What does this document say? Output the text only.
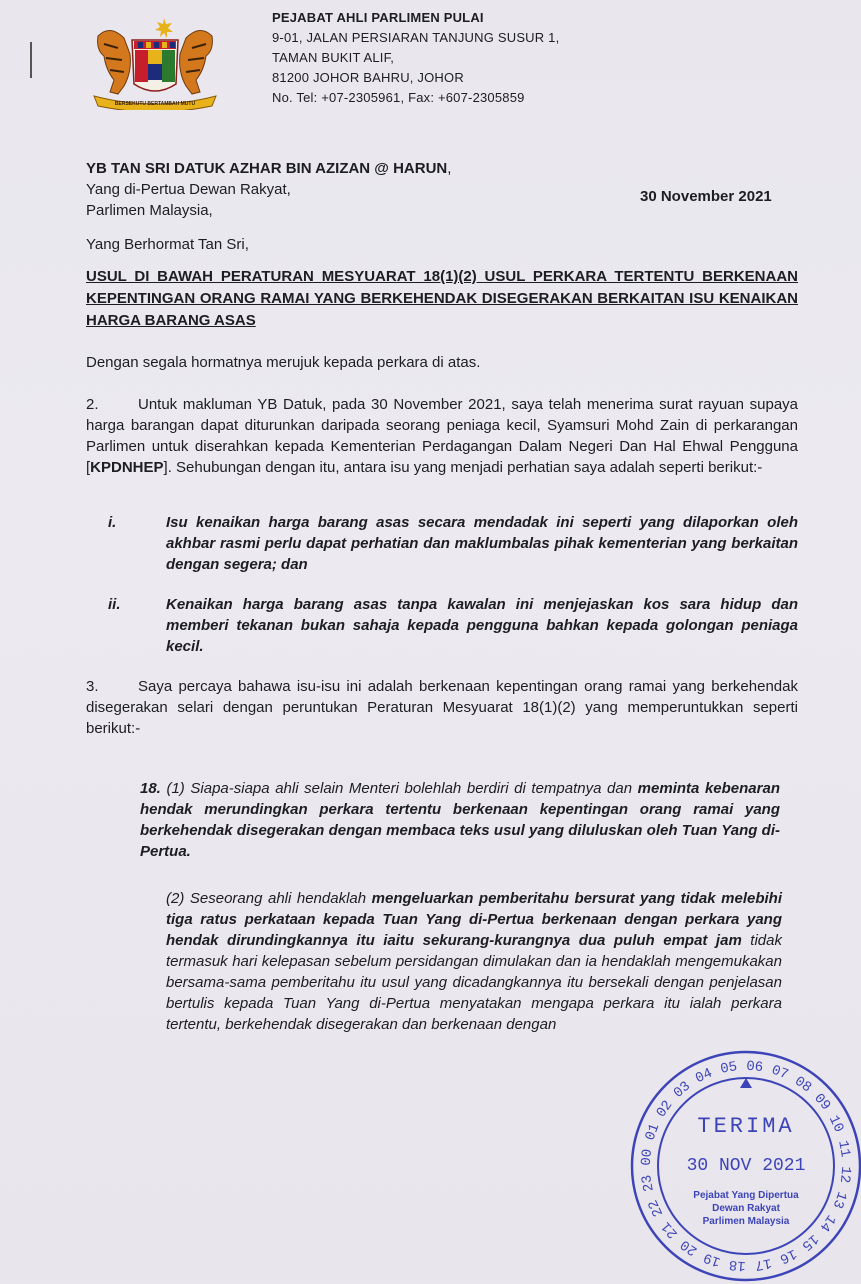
BERSEKUTU BERTAMBAH MUTU
PEJABAT AHLI PARLIMEN PULAI
9-01, JALAN PERSIARAN TANJUNG SUSUR 1,
TAMAN BUKIT ALIF,
81200 JOHOR BAHRU, JOHOR
No. Tel: +07-2305961, Fax: +607-2305859
YB TAN SRI DATUK AZHAR BIN AZIZAN @ HARUN,
Yang di-Pertua Dewan Rakyat,
Parlimen Malaysia,
30 November 2021
Yang Berhormat Tan Sri,
USUL DI BAWAH PERATURAN MESYUARAT 18(1)(2) USUL PERKARA TERTENTU BERKENAAN KEPENTINGAN ORANG RAMAI YANG BERKEHENDAK DISEGERAKAN BERKAITAN ISU KENAIKAN HARGA BARANG ASAS
Dengan segala hormatnya merujuk kepada perkara di atas.
2.	Untuk makluman YB Datuk, pada 30 November 2021, saya telah menerima surat rayuan supaya harga barangan dapat diturunkan daripada seorang peniaga kecil, Syamsuri Mohd Zain di perkarangan Parlimen untuk diserahkan kepada Kementerian Perdagangan Dalam Negeri Dan Hal Ehwal Pengguna [KPDNHEP]. Sehubungan dengan itu, antara isu yang menjadi perhatian saya adalah seperti berikut:-
i.	Isu kenaikan harga barang asas secara mendadak ini seperti yang dilaporkan oleh akhbar rasmi perlu dapat perhatian dan maklumbalas pihak kementerian yang berkaitan dengan segera; dan
ii.	Kenaikan harga barang asas tanpa kawalan ini menjejaskan kos sara hidup dan memberi tekanan bukan sahaja kepada pengguna bahkan kepada golongan peniaga kecil.
3.	Saya percaya bahawa isu-isu ini adalah berkenaan kepentingan orang ramai yang berkehendak disegerakan selari dengan peruntukan Peraturan Mesyuarat 18(1)(2) yang memperuntukkan seperti berikut:-
18. (1) Siapa-siapa ahli selain Menteri bolehlah berdiri di tempatnya dan meminta kebenaran hendak merundingkan perkara tertentu berkenaan kepentingan orang ramai yang berkehendak disegerakan dengan membaca teks usul yang diluluskan oleh Tuan Yang di-Pertua.
(2) Seseorang ahli hendaklah mengeluarkan pemberitahu bersurat yang tidak melebihi tiga ratus perkataan kepada Tuan Yang di-Pertua berkenaan dengan perkara yang hendak dirundingkannya itu iaitu sekurang-kurangnya dua puluh empat jam tidak termasuk hari kelepasan sebelum persidangan dimulakan dan ia hendaklah mengemukakan bersama-sama pemberitahu itu usul yang dicadangkannya itu bersekali dengan penjelasan bertulis kepada Tuan Yang di-Pertua menyatakan mengapa perkara itu ialah perkara tertentu, berkehendak disegerakan dan berkenaan dengan
01
02
03
04 05 06 07
08
09
10
11
12
13
14
15
16
17
18
19
20
21
22
23
00
TERIMA
30 NOV 2021
Pejabat Yang Dipertua
Dewan Rakyat
Parlimen Malaysia
